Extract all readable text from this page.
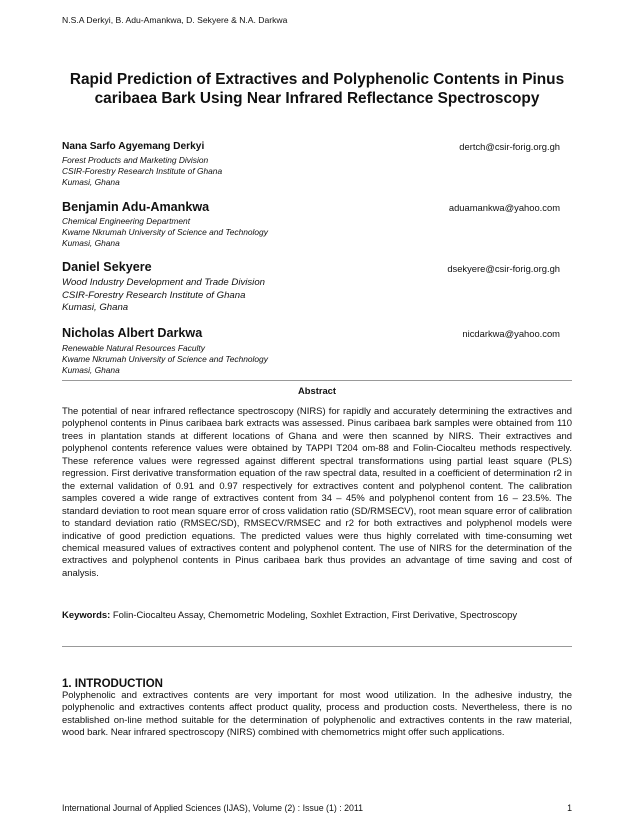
N.S.A Derkyi, B. Adu-Amankwa, D. Sekyere & N.A. Darkwa
Rapid Prediction of Extractives and Polyphenolic Contents in Pinus caribaea Bark Using Near Infrared Reflectance Spectroscopy
Nana Sarfo Agyemang Derkyi	dertch@csir-forig.org.gh
Forest Products and Marketing Division
CSIR-Forestry Research Institute of Ghana
Kumasi, Ghana
Benjamin Adu-Amankwa	aduamankwa@yahoo.com
Chemical Engineering Department
Kwame Nkrumah University of Science and Technology
Kumasi, Ghana
Daniel Sekyere	dsekyere@csir-forig.org.gh
Wood Industry Development and Trade Division
CSIR-Forestry Research Institute of Ghana
Kumasi, Ghana
Nicholas Albert Darkwa	nicdarkwa@yahoo.com
Renewable Natural Resources Faculty
Kwame Nkrumah University of Science and Technology
Kumasi, Ghana
Abstract
The potential of near infrared reflectance spectroscopy (NIRS) for rapidly and accurately determining the extractives and polyphenol contents in Pinus caribaea bark extracts was assessed. Pinus caribaea bark samples were obtained from 110 trees in plantation stands at different locations of Ghana and were then scanned by NIRS. Their extractives and polyphenol contents reference values were obtained by TAPPI T204 om-88 and Folin-Ciocalteu methods respectively. These reference values were regressed against different spectral transformations using partial least square (PLS) regression. First derivative transformation equation of the raw spectral data, resulted in a coefficient of determination r2 in the external validation of 0.91 and 0.97 respectively for extractives content and polyphenol content. The calibration samples covered a wide range of extractives content from 34 – 45% and polyphenol content from 16 – 23.5%. The standard deviation to root mean square error of cross validation ratio (SD/RMSECV), root mean square error of calibration to standard deviation ratio (RMSEC/SD), RMSECV/RMSEC and r2 for both extractives and polyphenol models were indicative of good prediction equations. The predicted values were thus highly correlated with time-consuming wet chemical measured values of extractives content and polyphenol content. The use of NIRS for the determination of the extractives and polyphenol contents in Pinus caribaea bark thus provides an advantage of time saving and cost of analysis.
Keywords: Folin-Ciocalteu Assay, Chemometric Modeling, Soxhlet Extraction, First Derivative, Spectroscopy
1. INTRODUCTION
Polyphenolic and extractives contents are very important for most wood utilization. In the adhesive industry, the polyphenolic and extractives contents affect product quality, process and production costs. Nevertheless, there is no established on-line method suitable for the determination of polyphenolic and extractives contents in the raw material, wood bark. Near infrared spectroscopy (NIRS) combined with chemometrics might offer such applications.
International Journal of Applied Sciences (IJAS), Volume (2) : Issue (1) : 2011	1
